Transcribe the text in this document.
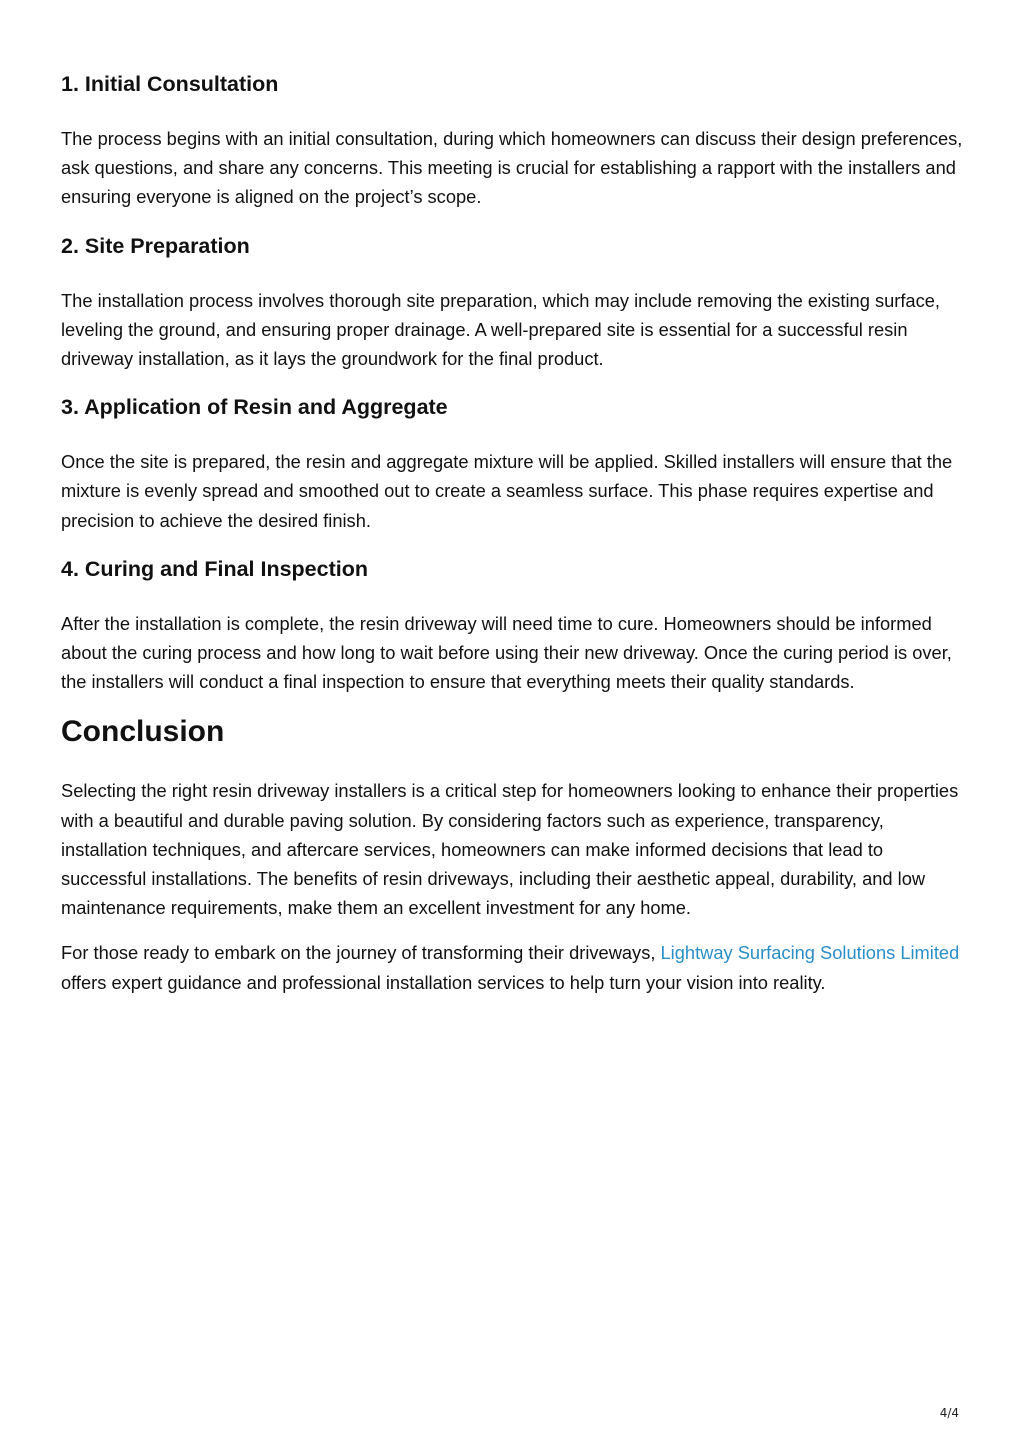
1. Initial Consultation

The process begins with an initial consultation, during which homeowners can discuss their design preferences, ask questions, and share any concerns. This meeting is crucial for establishing a rapport with the installers and ensuring everyone is aligned on the project’s scope.

2. Site Preparation

The installation process involves thorough site preparation, which may include removing the existing surface, leveling the ground, and ensuring proper drainage. A well-prepared site is essential for a successful resin driveway installation, as it lays the groundwork for the final product.

3. Application of Resin and Aggregate

Once the site is prepared, the resin and aggregate mixture will be applied. Skilled installers will ensure that the mixture is evenly spread and smoothed out to create a seamless surface. This phase requires expertise and precision to achieve the desired finish.

4. Curing and Final Inspection

After the installation is complete, the resin driveway will need time to cure. Homeowners should be informed about the curing process and how long to wait before using their new driveway. Once the curing period is over, the installers will conduct a final inspection to ensure that everything meets their quality standards.

Conclusion

Selecting the right resin driveway installers is a critical step for homeowners looking to enhance their properties with a beautiful and durable paving solution. By considering factors such as experience, transparency, installation techniques, and aftercare services, homeowners can make informed decisions that lead to successful installations. The benefits of resin driveways, including their aesthetic appeal, durability, and low maintenance requirements, make them an excellent investment for any home.

For those ready to embark on the journey of transforming their driveways, Lightway Surfacing Solutions Limited offers expert guidance and professional installation services to help turn your vision into reality.

4/4
